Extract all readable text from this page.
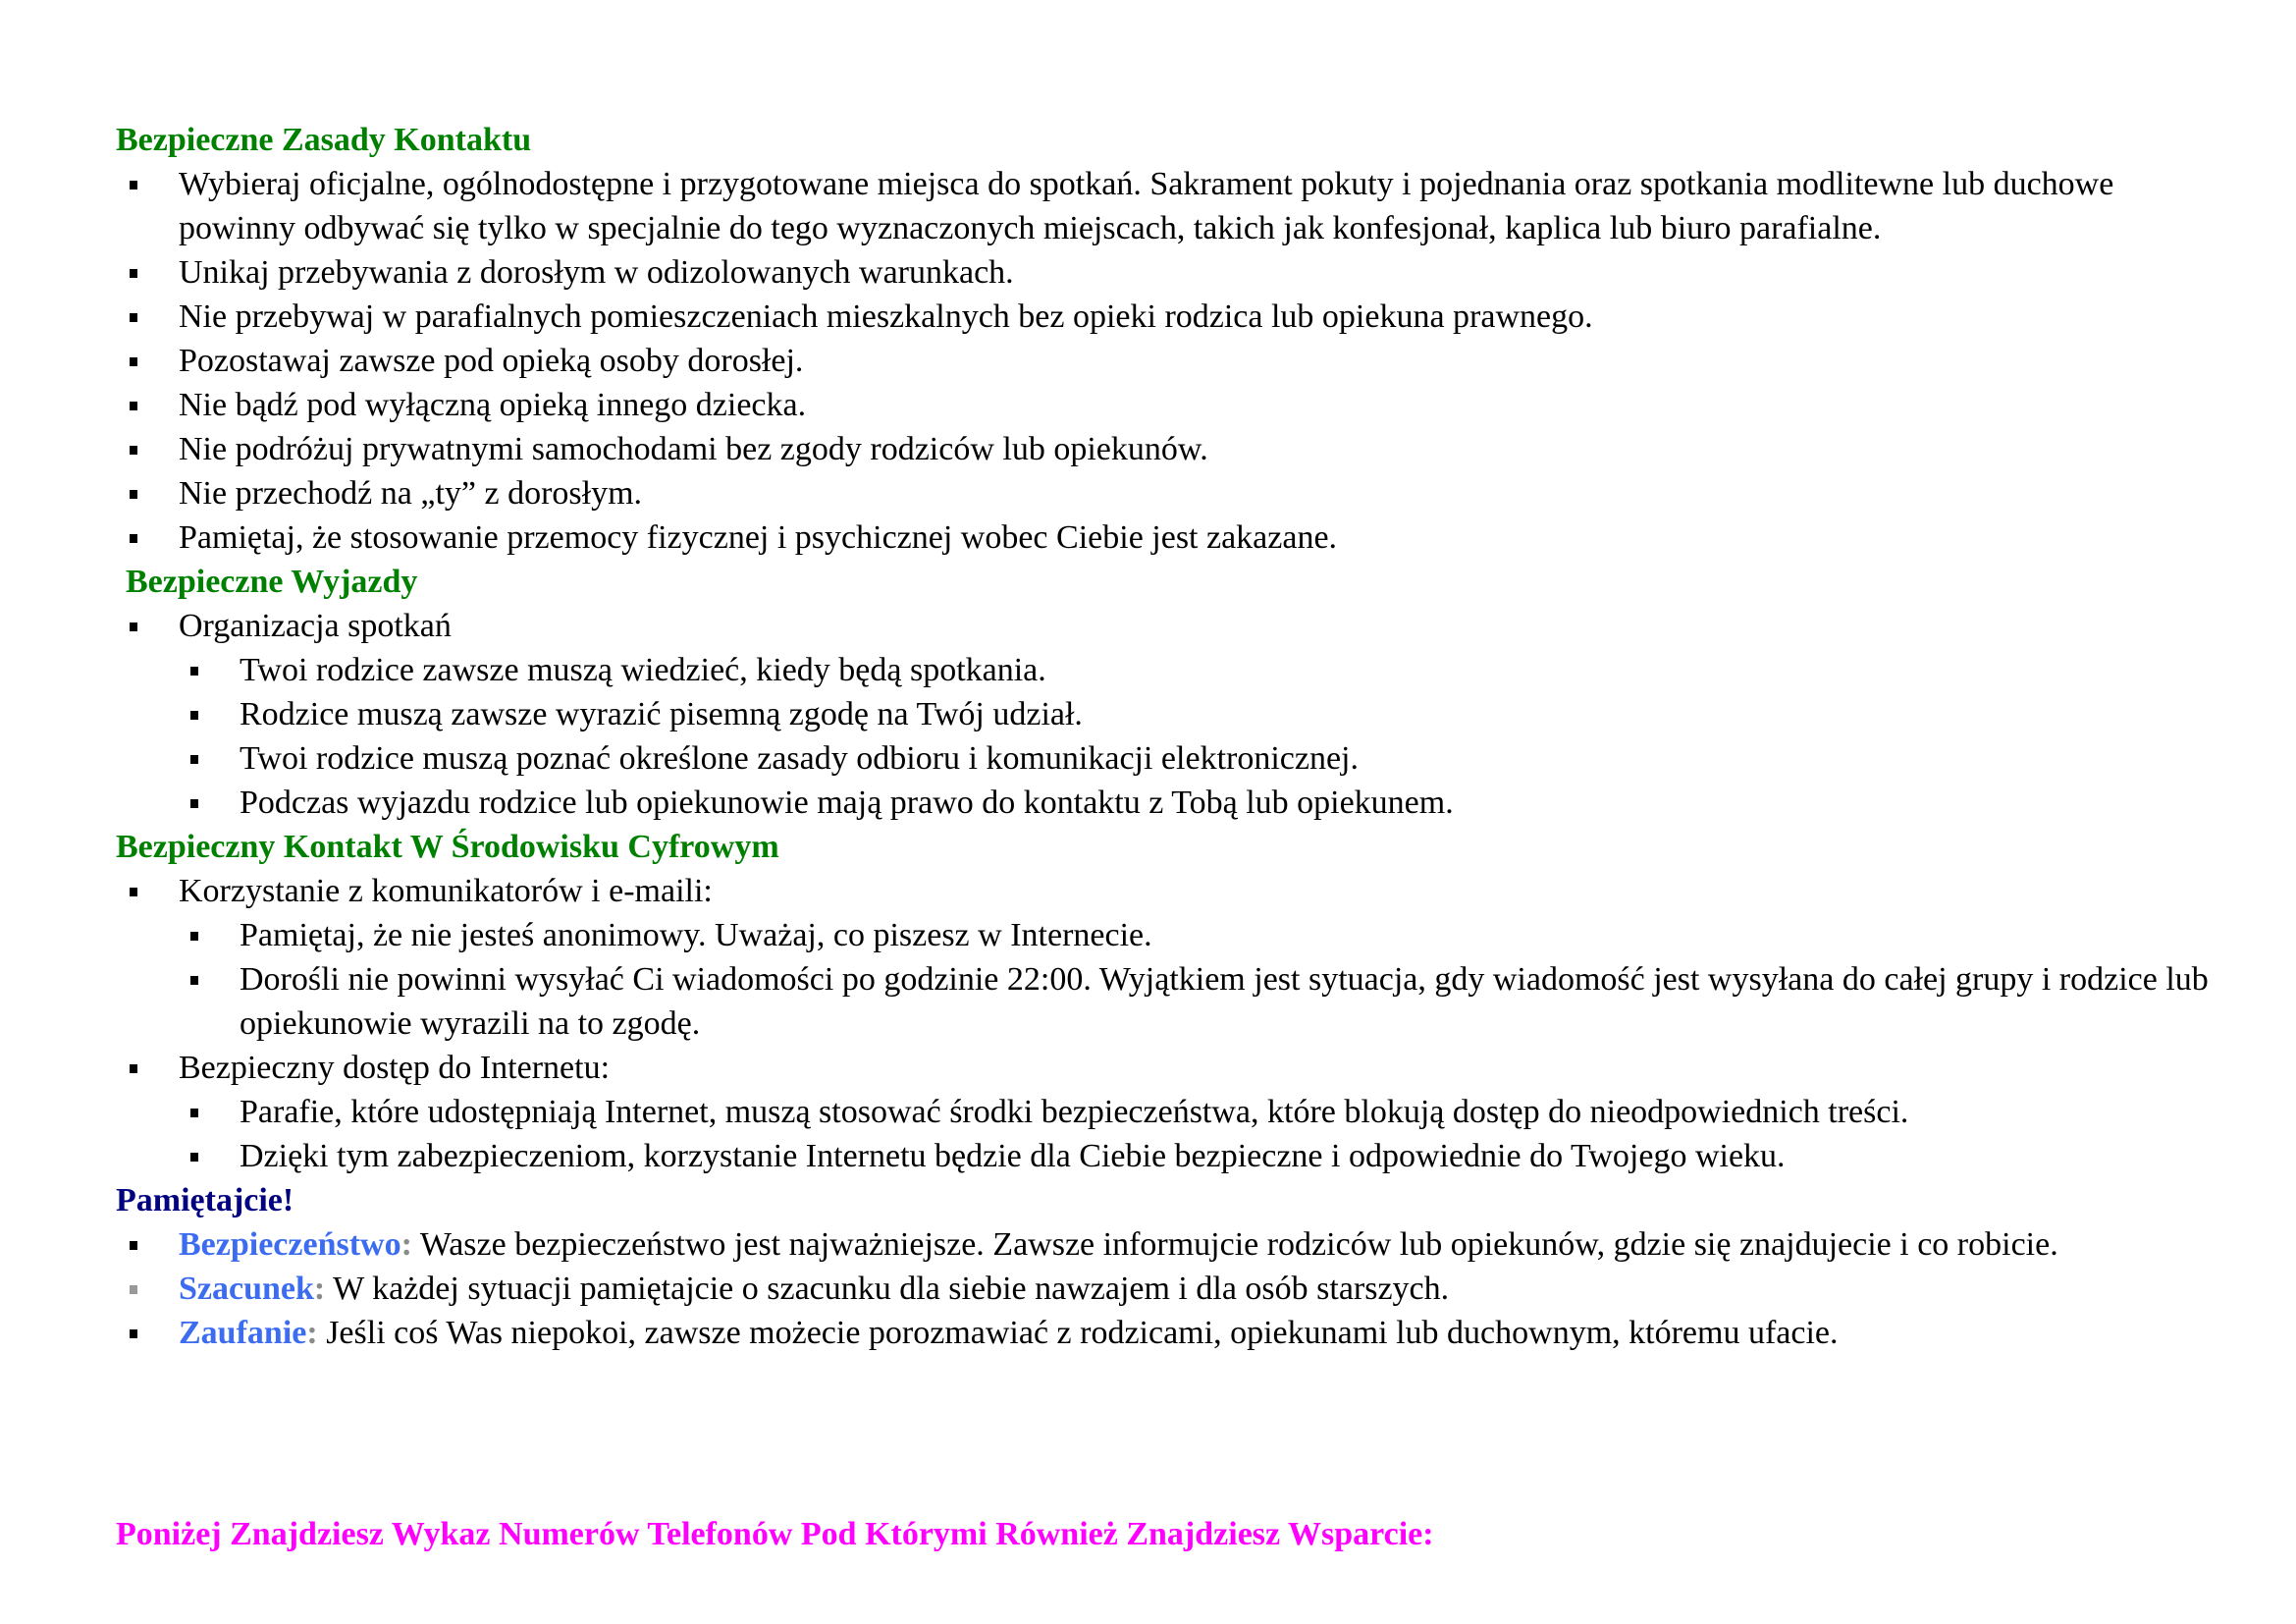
Bezpieczne Zasady Kontaktu
Wybieraj oficjalne, ogólnodostępne i przygotowane miejsca do spotkań. Sakrament pokuty i pojednania oraz spotkania modlitewne lub duchowe powinny odbywać się tylko w specjalnie do tego wyznaczonych miejscach, takich jak konfesjonał, kaplica lub biuro parafialne.
Unikaj przebywania z dorosłym w odizolowanych warunkach.
Nie przebywaj w parafialnych pomieszczeniach mieszkalnych bez opieki rodzica lub opiekuna prawnego.
Pozostawaj zawsze pod opieką osoby dorosłej.
Nie bądź pod wyłączną opieką innego dziecka.
Nie podróżuj prywatnymi samochodami bez zgody rodziców lub opiekunów.
Nie przechodź na „ty” z dorosłym.
Pamiętaj, że stosowanie przemocy fizycznej i psychicznej wobec Ciebie jest zakazane.
Bezpieczne Wyjazdy
Organizacja spotkań
Twoi rodzice zawsze muszą wiedzieć, kiedy będą spotkania.
Rodzice muszą zawsze wyrazić pisemną zgodę na Twój udział.
Twoi rodzice muszą poznać określone zasady odbioru i komunikacji elektronicznej.
Podczas wyjazdu rodzice lub opiekunowie mają prawo do kontaktu z Tobą lub opiekunem.
Bezpieczny Kontakt W Środowisku Cyfrowym
Korzystanie z komunikatorów i e-maili:
Pamiętaj, że nie jesteś anonimowy. Uważaj, co piszesz w Internecie.
Dorośli nie powinni wysyłać Ci wiadomości po godzinie 22:00. Wyjątkiem jest sytuacja, gdy wiadomość jest wysyłana do całej grupy i rodzice lub opiekunowie wyrazili na to zgodę.
Bezpieczny dostęp do Internetu:
Parafie, które udostępniają Internet, muszą stosować środki bezpieczeństwa, które blokują dostęp do nieodpowiednich treści.
Dzięki tym zabezpieczeniom, korzystanie Internetu będzie dla Ciebie bezpieczne i odpowiednie do Twojego wieku.
Pamiętajcie!
Bezpieczeństwo: Wasze bezpieczeństwo jest najważniejsze. Zawsze informujcie rodziców lub opiekunów, gdzie się znajdujecie i co robicie.
Szacunek: W każdej sytuacji pamiętajcie o szacunku dla siebie nawzajem i dla osób starszych.
Zaufanie: Jeśli coś Was niepokoi, zawsze możecie porozmawiać z rodzicami, opiekunami lub duchownym, któremu ufacie.
Poniżej Znajdziesz Wykaz Numerów Telefonów Pod Którymi Również Znajdziesz Wsparcie:
